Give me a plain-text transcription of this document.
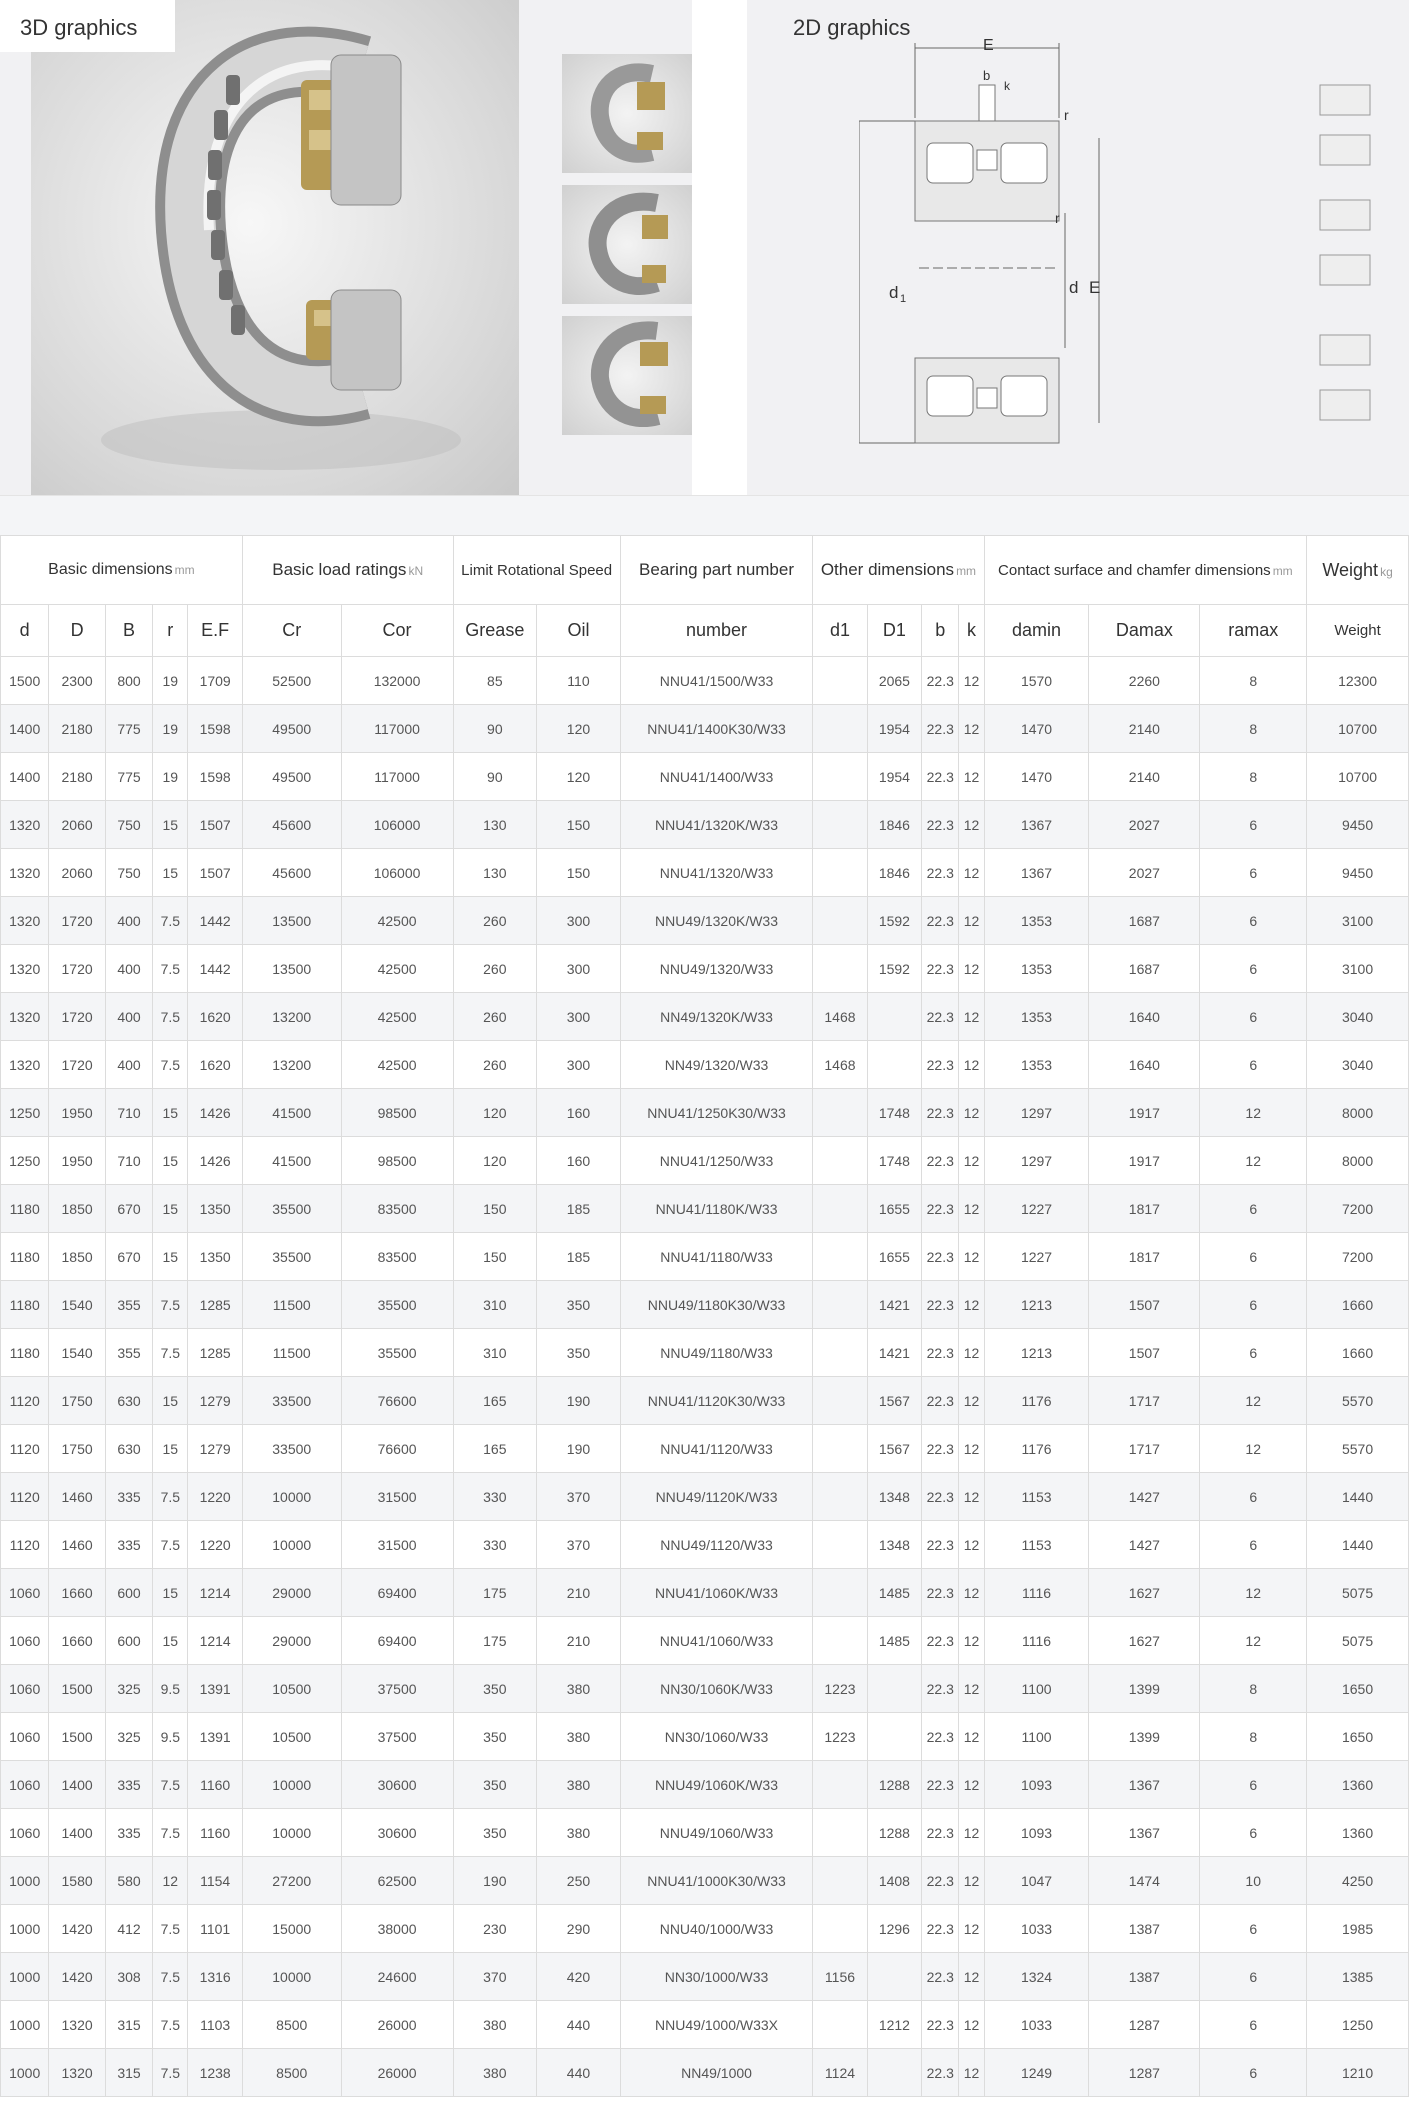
3D graphics	2D graphics
E
b
k
r
r
d 1
d E
Basic dimensions mm					Basic load ratings kN		Limit Rotational Speed		Bearing part number	Other dimensions mm				Contact surface and chamfer dimensions mm			Weight kg
d	D	B	r	E.F	Cr	Cor	Grease	Oil	number	d1	D1	b	k	damin	Damax	ramax	Weight
1500	2300	800	19	1709	52500	132000	85	110	NNU41/1500/W33		2065	22.3	12	1570	2260	8	12300
1400	2180	775	19	1598	49500	117000	90	120	NNU41/1400K30/W33		1954	22.3	12	1470	2140	8	10700
1400	2180	775	19	1598	49500	117000	90	120	NNU41/1400/W33		1954	22.3	12	1470	2140	8	10700
1320	2060	750	15	1507	45600	106000	130	150	NNU41/1320K/W33		1846	22.3	12	1367	2027	6	9450
1320	2060	750	15	1507	45600	106000	130	150	NNU41/1320/W33		1846	22.3	12	1367	2027	6	9450
1320	1720	400	7.5	1442	13500	42500	260	300	NNU49/1320K/W33		1592	22.3	12	1353	1687	6	3100
1320	1720	400	7.5	1442	13500	42500	260	300	NNU49/1320/W33		1592	22.3	12	1353	1687	6	3100
1320	1720	400	7.5	1620	13200	42500	260	300	NN49/1320K/W33	1468		22.3	12	1353	1640	6	3040
1320	1720	400	7.5	1620	13200	42500	260	300	NN49/1320/W33	1468		22.3	12	1353	1640	6	3040
1250	1950	710	15	1426	41500	98500	120	160	NNU41/1250K30/W33		1748	22.3	12	1297	1917	12	8000
1250	1950	710	15	1426	41500	98500	120	160	NNU41/1250/W33		1748	22.3	12	1297	1917	12	8000
1180	1850	670	15	1350	35500	83500	150	185	NNU41/1180K/W33		1655	22.3	12	1227	1817	6	7200
1180	1850	670	15	1350	35500	83500	150	185	NNU41/1180/W33		1655	22.3	12	1227	1817	6	7200
1180	1540	355	7.5	1285	11500	35500	310	350	NNU49/1180K30/W33		1421	22.3	12	1213	1507	6	1660
1180	1540	355	7.5	1285	11500	35500	310	350	NNU49/1180/W33		1421	22.3	12	1213	1507	6	1660
1120	1750	630	15	1279	33500	76600	165	190	NNU41/1120K30/W33		1567	22.3	12	1176	1717	12	5570
1120	1750	630	15	1279	33500	76600	165	190	NNU41/1120/W33		1567	22.3	12	1176	1717	12	5570
1120	1460	335	7.5	1220	10000	31500	330	370	NNU49/1120K/W33		1348	22.3	12	1153	1427	6	1440
1120	1460	335	7.5	1220	10000	31500	330	370	NNU49/1120/W33		1348	22.3	12	1153	1427	6	1440
1060	1660	600	15	1214	29000	69400	175	210	NNU41/1060K/W33		1485	22.3	12	1116	1627	12	5075
1060	1660	600	15	1214	29000	69400	175	210	NNU41/1060/W33		1485	22.3	12	1116	1627	12	5075
1060	1500	325	9.5	1391	10500	37500	350	380	NN30/1060K/W33	1223		22.3	12	1100	1399	8	1650
1060	1500	325	9.5	1391	10500	37500	350	380	NN30/1060/W33	1223		22.3	12	1100	1399	8	1650
1060	1400	335	7.5	1160	10000	30600	350	380	NNU49/1060K/W33		1288	22.3	12	1093	1367	6	1360
1060	1400	335	7.5	1160	10000	30600	350	380	NNU49/1060/W33		1288	22.3	12	1093	1367	6	1360
1000	1580	580	12	1154	27200	62500	190	250	NNU41/1000K30/W33		1408	22.3	12	1047	1474	10	4250
1000	1420	412	7.5	1101	15000	38000	230	290	NNU40/1000/W33		1296	22.3	12	1033	1387	6	1985
1000	1420	308	7.5	1316	10000	24600	370	420	NN30/1000/W33	1156		22.3	12	1324	1387	6	1385
1000	1320	315	7.5	1103	8500	26000	380	440	NNU49/1000/W33X		1212	22.3	12	1033	1287	6	1250
1000	1320	315	7.5	1238	8500	26000	380	440	NN49/1000	1124		22.3	12	1249	1287	6	1210
